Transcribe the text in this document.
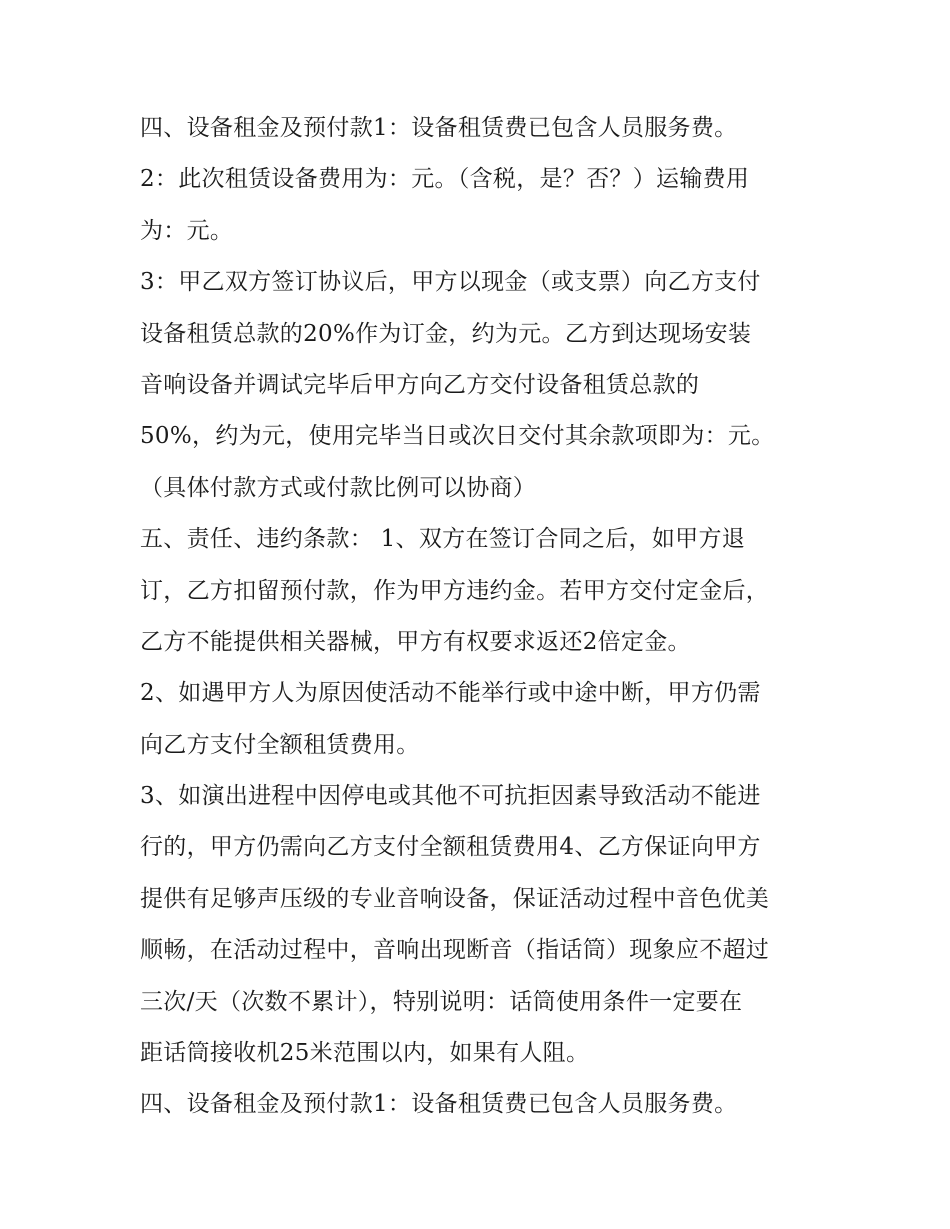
四、设备租金及预付款1：设备租赁费已包含人员服务费。
2：此次租赁设备费用为：元。（含税，是？否？）运输费用
为：元。
3：甲乙双方签订协议后，甲方以现金（或支票）向乙方支付
设备租赁总款的20%作为订金，约为元。乙方到达现场安装
音响设备并调试完毕后甲方向乙方交付设备租赁总款的
50%，约为元，使用完毕当日或次日交付其余款项即为：元。
（具体付款方式或付款比例可以协商）
五、责任、违约条款： 1、双方在签订合同之后，如甲方退
订，乙方扣留预付款，作为甲方违约金。若甲方交付定金后，
乙方不能提供相关器械，甲方有权要求返还2倍定金。
2、如遇甲方人为原因使活动不能举行或中途中断，甲方仍需
向乙方支付全额租赁费用。
3、如演出进程中因停电或其他不可抗拒因素导致活动不能进
行的，甲方仍需向乙方支付全额租赁费用4、乙方保证向甲方
提供有足够声压级的专业音响设备，保证活动过程中音色优美
顺畅，在活动过程中，音响出现断音（指话筒）现象应不超过
三次/天（次数不累计），特别说明：话筒使用条件一定要在
距话筒接收机25米范围以内，如果有人阻。
四、设备租金及预付款1：设备租赁费已包含人员服务费。
